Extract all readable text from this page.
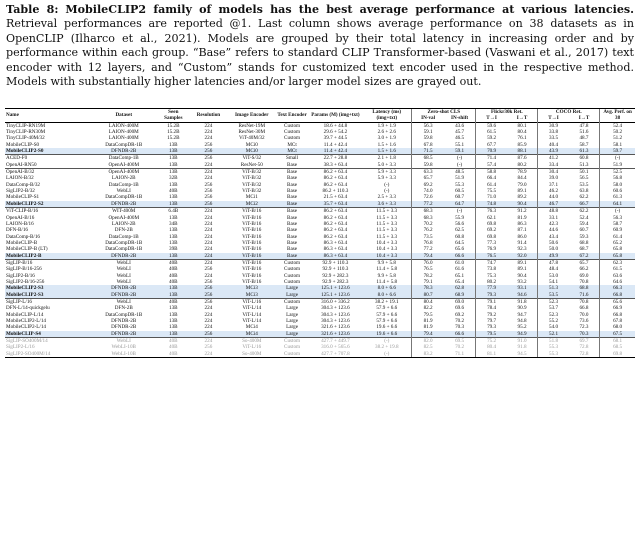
Table 8: MobileCLIP2 family of models has the best average performance at various latencies. Retrieval performances are reported @1. Last column shows average performance on 38 datasets as in OpenCLIP (Ilharco et al., 2021). Models are grouped by their total latency in increasing order and by performance within each group. “Base” refers to standard CLIP Transformer-based (Vaswani et al., 2017) text encoder with 12 layers, and “Custom” stands for customized text encoder used in the respective method. Models with substantially higher latencies and/or larger model sizes are grayed out.
Name	Dataset	Seen Samples	Resolution	Image Encoder	Text Encoder	Params (M) (img+txt)	Latency (ms) (img+txt)	Zero-shot CLS		Flickr30k Ret.		COCO Ret.		Avg. Perf. on 38
								IN-val	IN-shift	T→I	I→T	T→I	I→T	
TinyCLIP-RN19M	LAION-400M	15.2B	224	ResNet-19M	Custom	18.6 + 44.8	1.9 + 1.9	56.3	43.6	59.6	80.1	30.9	47.8	52.4
TinyCLIP-RN30M	LAION-400M	15.2B	224	ResNet-30M	Custom	29.6 + 54.2	2.6 + 2.6	59.1	45.7	61.5	80.4	33.8	51.6	50.2
TinyCLIP-40M/32	LAION-400M	15.2B	224	ViT-40M/32	Custom	39.7 + 44.5	3.0 + 1.9	59.8	46.5	59.2	76.1	33.5	48.7	51.2
MobileCLIP-S0	DataCompDR-1B	13B	256	MCi0	MCt	11.4 + 42.4	1.5 + 1.6	67.8	55.1	67.7	85.9	40.4	58.7	58.1
MobileCLIP2-S0	DFNDR-2B	13B	256	MCi0	MCt	11.4 + 42.4	1.5 + 1.6	71.5	59.1	70.9	88.1	43.9	61.3	59.7
ACED-F0	DataComp-1B	13B	256	ViT-S/32	Small	22.7 + 28.8	2.1 + 1.8	68.5	(-)	71.4	87.6	41.2	60.8	(-)
OpenAI-RN50	OpenAI-400M	13B	224	ResNet-50	Base	38.3 + 63.4	5.0 + 3.3	59.8	(-)	57.4	80.2	33.4	51.3	51.9
OpenAI-B/32	OpenAI-400M	13B	224	ViT-B/32	Base	86.2 + 63.4	5.9 + 3.3	63.3	48.5	58.8	78.9	30.4	50.1	52.5
LAION-B/32	LAION-2B	32B	224	ViT-B/32	Base	86.2 + 63.4	5.9 + 3.3	65.7	51.9	66.4	84.4	39.0	56.5	56.8
DataComp-B/32	DataComp-1B	13B	256	ViT-B/32	Base	86.2 + 63.4	(-)	69.2	55.3	61.4	79.0	37.1	53.5	58.0
SigLIP2-B/32	WebLI	40B	256	ViT-B/32	Base	86.2 + 110.3	(-)	74.0	60.5	75.5	89.1	46.2	63.8	60.6
MobileCLIP-S1	DataCompDR-1B	13B	256	MCi1	Base	21.5 + 63.4	2.5 + 3.3	72.6	60.7	71.0	89.2	44.0	62.2	61.3
MobileCLIP2-S2	DFNDR-2B	13B	256	MCi2	Base	35.7 + 63.4	3.6 + 3.3	77.2	64.7	74.8	90.4	46.7	66.7	64.1
ViT-CLIP-B/16	WIT-400M	6.4B	224	ViT-B/16	Base	86.2 + 63.4	11.5 + 3.3	68.3	(-)	76.3	91.2	48.8	62.2	(-)
OpenAI-B/16	OpenAI-400M	13B	224	ViT-B/16	Base	86.2 + 63.4	11.5 + 3.3	68.3	55.9	62.1	81.9	33.1	52.4	56.3
LAION-B/16	LAION-2B	34B	224	ViT-B/16	Base	86.2 + 63.4	11.5 + 3.3	70.2	56.6	69.8	86.3	42.3	59.4	58.7
DFN-B/16	DFN-2B	13B	224	ViT-B/16	Base	86.2 + 63.4	11.5 + 3.3	76.2	62.5	69.2	87.1	44.6	60.7	60.9
DataComp-B/16	DataComp-1B	13B	224	ViT-B/16	Base	86.2 + 63.4	11.5 + 3.3	73.5	60.8	69.8	86.0	43.4	59.3	61.4
MobileCLIP-B	DataCompDR-1B	13B	224	ViT-B/16	Base	86.3 + 63.4	10.4 + 3.3	76.8	64.5	77.3	91.4	50.6	68.8	65.2
MobileCLIP-B (LT)	DataCompDR-1B	39B	224	ViT-B/16	Base	86.3 + 63.4	10.4 + 3.3	77.2	65.6	76.9	92.3	50.0	68.7	65.8
MobileCLIP2-B	DFNDR-2B	13B	224	ViT-B/16	Base	86.3 + 63.4	10.4 + 3.3	79.4	66.6	76.5	92.0	49.9	67.2	65.8
SigLIP-B/16	WebLI	40B	224	ViT-B/16	Custom	92.9 + 110.3	9.9 + 5.8	76.0	61.0	74.7	89.1	47.8	65.7	62.3
SigLIP-B/16-256	WebLI	40B	256	ViT-B/16	Custom	92.9 + 110.3	11.4 + 5.8	76.5	61.6	73.8	89.1	48.4	66.2	61.5
SigLIP2-B/16	WebLI	40B	224	ViT-B/16	Custom	92.9 + 282.3	9.9 + 5.8	78.2	65.1	75.3	90.4	53.0	69.0	63.6
SigLIP2-B/16-256	WebLI	40B	256	ViT-B/16	Custom	92.9 + 282.3	11.4 + 5.8	79.1	65.4	80.2	93.2	54.1	70.8	64.6
MobileCLIP2-S3	DFNDR-2B	13B	256	MCi3	Large	125.1 + 123.6	8.0 + 6.6	78.3	62.8	77.9	93.1	51.3	68.8	66.3
MobileCLIP2-S3	DFNDR-2B	13B	256	MCi3	Large	125.1 + 123.6	8.0 + 6.6	80.7	68.9	79.3	94.6	53.5	71.6	66.8
SigLIP-L/16	WebLI	40B	256	ViT-L/16	Custom	316.0 + 336.2	38.2 + 19.1	80.4	69.0	79.1	91.8	52.3	70.8	65.6
DFN-L/14-quickgelu	DFN-2B	13B	224	ViT-L/14	Large	304.3 + 123.6	57.9 + 6.6	82.2	69.6	78.4	90.9	53.7	66.8	66.9
MobileCLIP-L/14	DataCompDR-1B	13B	224	ViT-L/14	Large	304.3 + 123.6	57.9 + 6.6	79.5	69.2	79.2	94.7	52.3	70.0	66.8
MobileCLIP2-L/14	DFNDR-2B	13B	224	ViT-L/14	Large	304.3 + 123.6	57.9 + 6.6	81.9	70.2	79.7	94.8	55.2	73.6	67.8
MobileCLIP2-L/14	DFNDR-2B	13B	224	MCi4	Large	321.6 + 123.6	19.6 + 6.6	81.9	70.3	79.3	95.2	54.0	72.3	68.0
MobileCLIP-S4	DFNDR-2B	13B	256	MCi4	Large	321.6 + 123.6	19.6 + 6.6	79.4	66.6	79.5	94.9	52.1	70.3	67.5
SigLIP-SO400M/14	WebLI	40B	224	So-400M	Custom	427.7 + 449.7	(-)	82.0	69.5	75.2	91.0	51.8	69.7	68.1
SigLIP2-L/16	WebLI-10B	40B	256	ViT-L/16	Custom	316.0 + 565.6	38.2 + 19.8	82.5	70.2	80.4	91.8	55.3	72.8	68.5
SigLIP2-SO400M/14	WebLI-10B	40B	224	So-400M	Custom	427.7 + 707.8	(-)	83.2	71.1	81.1	94.5	55.3	72.8	69.8
